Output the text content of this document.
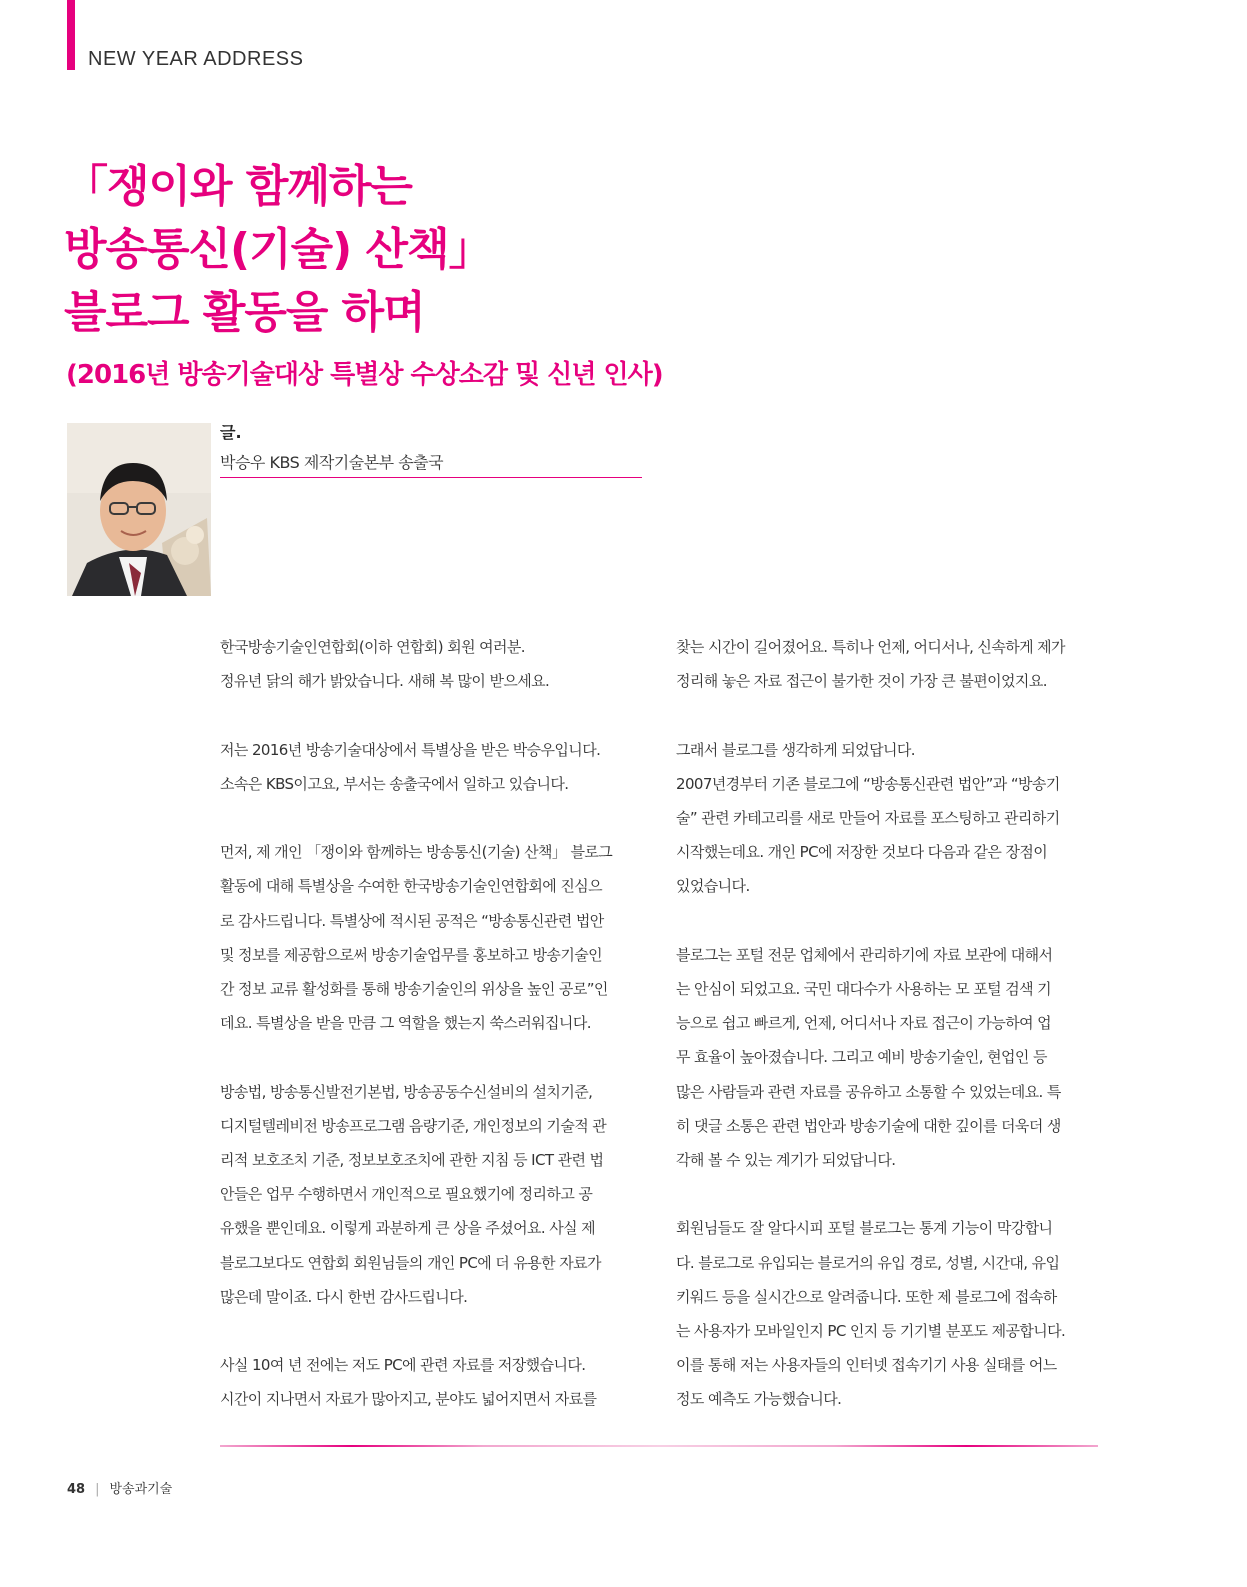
NEW YEAR ADDRESS
「쟁이와 함께하는
방송통신(기술) 산책」
블로그 활동을 하며
(2016년 방송기술대상 특별상 수상소감 및 신년 인사)
글.
박승우 KBS 제작기술본부 송출국

한국방송기술인연합회(이하 연합회) 회원 여러분.
정유년 닭의 해가 밝았습니다. 새해 복 많이 받으세요.

저는 2016년 방송기술대상에서 특별상을 받은 박승우입니다.
소속은 KBS이고요, 부서는 송출국에서 일하고 있습니다.

먼저, 제 개인 「쟁이와 함께하는 방송통신(기술) 산책」 블로그
활동에 대해 특별상을 수여한 한국방송기술인연합회에 진심으
로 감사드립니다. 특별상에 적시된 공적은 “방송통신관련 법안
및 정보를 제공함으로써 방송기술업무를 홍보하고 방송기술인
간 정보 교류 활성화를 통해 방송기술인의 위상을 높인 공로”인
데요. 특별상을 받을 만큼 그 역할을 했는지 쑥스러워집니다.

방송법, 방송통신발전기본법, 방송공동수신설비의 설치기준,
디지털텔레비전 방송프로그램 음량기준, 개인정보의 기술적 관
리적 보호조치 기준, 정보보호조치에 관한 지침 등 ICT 관련 법
안들은 업무 수행하면서 개인적으로 필요했기에 정리하고 공
유했을 뿐인데요. 이렇게 과분하게 큰 상을 주셨어요. 사실 제
블로그보다도 연합회 회원님들의 개인 PC에 더 유용한 자료가
많은데 말이죠. 다시 한번 감사드립니다.

사실 10여 년 전에는 저도 PC에 관련 자료를 저장했습니다.
시간이 지나면서 자료가 많아지고, 분야도 넓어지면서 자료를

찾는 시간이 길어졌어요. 특히나 언제, 어디서나, 신속하게 제가
정리해 놓은 자료 접근이 불가한 것이 가장 큰 불편이었지요.

그래서 블로그를 생각하게 되었답니다.
2007년경부터 기존 블로그에 “방송통신관련 법안”과 “방송기
술” 관련 카테고리를 새로 만들어 자료를 포스팅하고 관리하기
시작했는데요. 개인 PC에 저장한 것보다 다음과 같은 장점이
있었습니다.

블로그는 포털 전문 업체에서 관리하기에 자료 보관에 대해서
는 안심이 되었고요. 국민 대다수가 사용하는 모 포털 검색 기
능으로 쉽고 빠르게, 언제, 어디서나 자료 접근이 가능하여 업
무 효율이 높아졌습니다. 그리고 예비 방송기술인, 현업인 등
많은 사람들과 관련 자료를 공유하고 소통할 수 있었는데요. 특
히 댓글 소통은 관련 법안과 방송기술에 대한 깊이를 더욱더 생
각해 볼 수 있는 계기가 되었답니다.

회원님들도 잘 알다시피 포털 블로그는 통계 기능이 막강합니
다. 블로그로 유입되는 블로거의 유입 경로, 성별, 시간대, 유입
키워드 등을 실시간으로 알려줍니다. 또한 제 블로그에 접속하
는 사용자가 모바일인지 PC 인지 등 기기별 분포도 제공합니다.
이를 통해 저는 사용자들의 인터넷 접속기기 사용 실태를 어느
정도 예측도 가능했습니다.

48 | 방송과기술
